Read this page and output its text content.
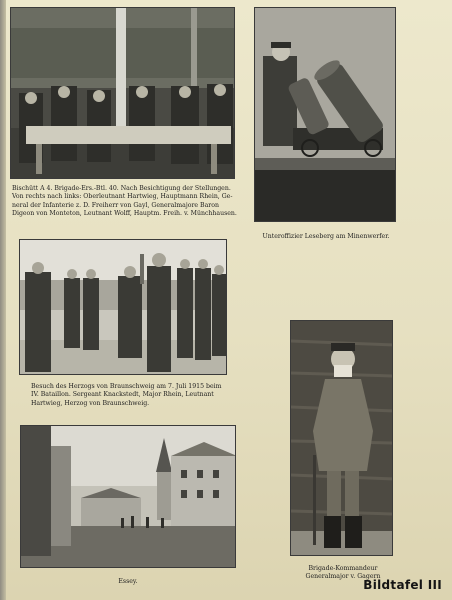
Bischütt A 4. Brigade-Ers.-Btl. 40. Nach Besichtigung der Stellungen.
Von rechts nach links: Oberleutnant Hartwieg, Hauptmann Rhein, Ge-
neral der Infanterie z. D. Freiherr von Gayl, Generalmajore Baron
Digeon von Monteton, Leutnant Wolff, Hauptm. Freih. v. Münchhausen.
Unteroffizier Leseberg am Minenwerfer.
Besuch des Herzogs von Braunschweig am 7. Juli 1915 beim
IV. Bataillon. Sergeant Knackstedt, Major Rhein, Leutnant
Hartwieg, Herzog von Braunschweig.
Brigade-Kommandeur
Generalmajor v. Gagern
Essey.	Bildtafel III
